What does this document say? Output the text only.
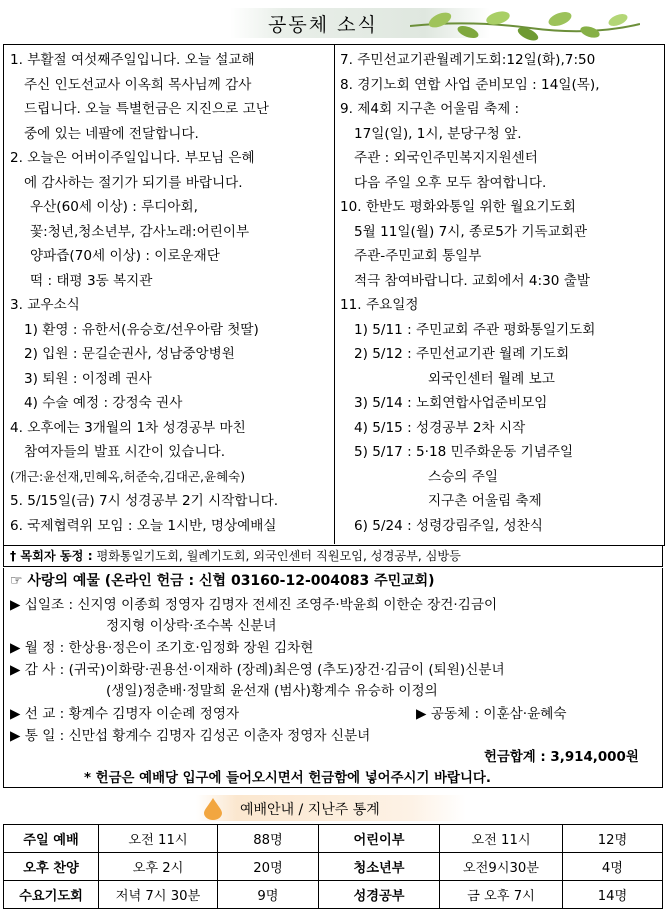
공동체 소식
1. 부활절 여섯째주일입니다. 오늘 설교해
주신 인도선교사 이옥희 목사님께 감사
드립니다. 오늘 특별헌금은 지진으로 고난
중에 있는 네팔에 전달합니다.
2. 오늘은 어버이주일입니다. 부모님 은혜
에 감사하는 절기가 되기를 바랍니다.
우산(60세 이상) : 루디아회,
꽃:청년,청소년부, 감사노래:어린이부
양파즙(70세 이상) : 이로운재단
떡 : 태평 3동 복지관
3. 교우소식
1) 환영 : 유한서(유승호/선우아람 첫딸)
2) 입원 : 문길순권사, 성남중앙병원
3) 퇴원 : 이정례 권사
4) 수술 예정 : 강정숙 권사
4. 오후에는 3개월의 1차 성경공부 마친
참여자들의 발표 시간이 있습니다.
(개근:윤선재,민혜옥,허준숙,김대곤,윤혜숙)
5. 5/15일(금) 7시 성경공부 2기 시작합니다.
6. 국제협력위 모임 : 오늘 1시반, 명상예배실
7. 주민선교기관월례기도회:12일(화),7:50
8. 경기노회 연합 사업 준비모임 : 14일(목),
9. 제4회 지구촌 어울림 축제 :
17일(일), 1시, 분당구청 앞.
주관 : 외국인주민복지지원센터
다음 주일 오후 모두 참여합니다.
10. 한반도 평화와통일 위한 월요기도회
5월 11일(월) 7시, 종로5가 기독교회관
주관-주민교회 통일부
적극 참여바랍니다. 교회에서 4:30 출발
11. 주요일정
1) 5/11 : 주민교회 주관 평화통일기도회
2) 5/12 : 주민선교기관 월례 기도회
외국인센터 월례 보고
3) 5/14 : 노회연합사업준비모임
4) 5/15 : 성경공부 2차 시작
5) 5/17 : 5·18 민주화운동 기념주일
스승의 주일
지구촌 어울림 축제
6) 5/24 : 성령강림주일, 성찬식
† 목회자 동정 : 평화통일기도회, 월례기도회, 외국인센터 직원모임, 성경공부, 심방등
☞ 사랑의 예물 (온라인 헌금 : 신협 03160-12-004083 주민교회)
▶ 십일조 : 신지영 이종희 정영자 김명자 전세진 조영주·박윤희 이한순 장건·김금이
정지형 이상락·조수복 신분녀
▶ 월 정 : 한상용·정은이 조기호·임정화 장원 김차현
▶ 감 사 : (귀국)이화랑·권용선·이재하 (장례)최은영 (추도)장건·김금이 (퇴원)신분녀
(생일)정춘배·정말희 윤선재 (범사)황계수 유승하 이정의
▶ 선 교 : 황계수 김명자 이순례 정영자	▶ 공동체 : 이훈삼·윤혜숙
▶ 통 일 : 신만섭 황계수 김명자 김성곤 이춘자 정영자 신분녀
헌금합계 : 3,914,000원
* 헌금은 예배당 입구에 들어오시면서 헌금함에 넣어주시기 바랍니다.
예배안내 / 지난주 통계
주일 예배	오전 11시	88명	어린이부	오전 11시	12명
오후 찬양	오후 2시	20명	청소년부	오전9시30분	4명
수요기도회	저녁 7시 30분	9명	성경공부	금 오후 7시	14명
